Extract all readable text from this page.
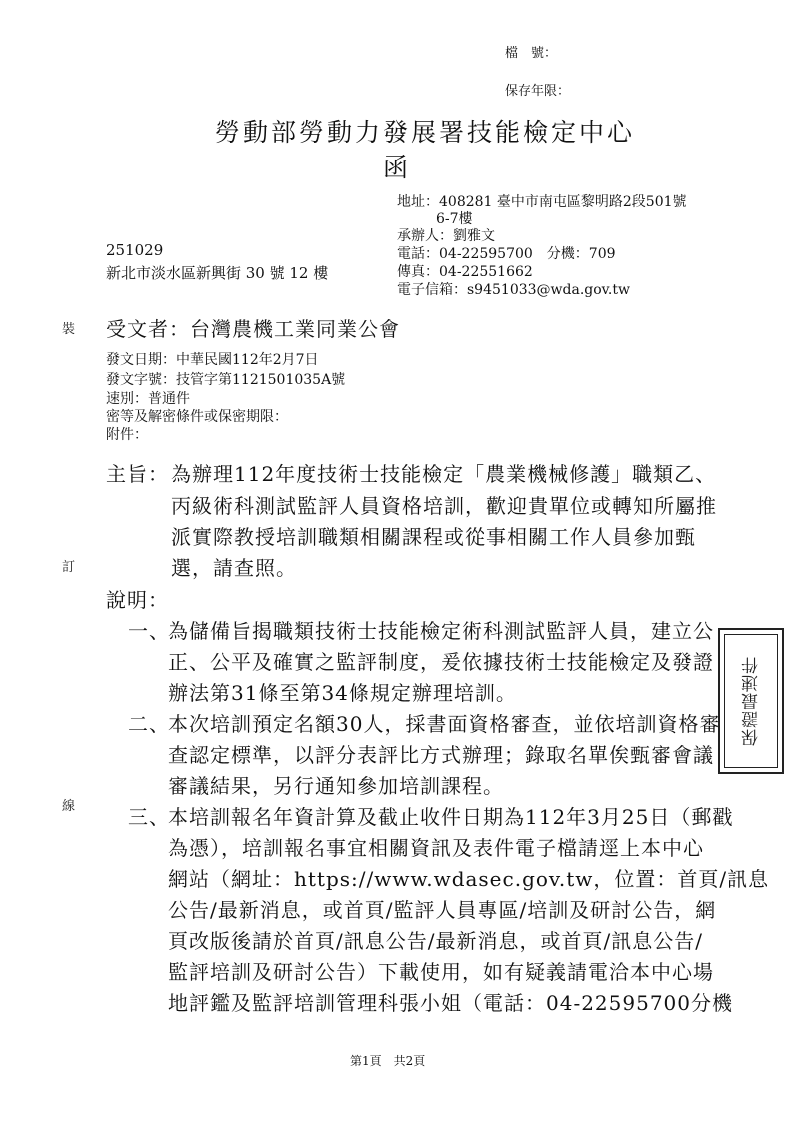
檔　號：
保存年限：
勞動部勞動力發展署技能檢定中心
函
地址：408281 臺中市南屯區黎明路2段501號
6-7樓
承辦人：劉雅文
電話：04-22595700　分機：709
傳真：04-22551662
電子信箱：s9451033@wda.gov.tw
251029
新北市淡水區新興街 30 號 12 樓
裝
訂
線
受文者：台灣農機工業同業公會
發文日期：中華民國112年2月7日
發文字號：技管字第1121501035A號
速別：普通件
密等及解密條件或保密期限：
附件：
主旨： 為辦理112年度技術士技能檢定「農業機械修護」職類乙、
丙級術科測試監評人員資格培訓，歡迎貴單位或轉知所屬推
派實際教授培訓職類相關課程或從事相關工作人員參加甄
選，請查照。
說明：
一、
為儲備旨揭職類技術士技能檢定術科測試監評人員，建立公
正、公平及確實之監評制度，爰依據技術士技能檢定及發證
辦法第31條至第34條規定辦理培訓。
二、
本次培訓預定名額30人，採書面資格審查，並依培訓資格審
查認定標準，以評分表評比方式辦理；錄取名單俟甄審會議
審議結果，另行通知參加培訓課程。
三、
本培訓報名年資計算及截止收件日期為112年3月25日（郵戳
為憑），培訓報名事宜相關資訊及表件電子檔請逕上本中心
網站（網址：https://www.wdasec.gov.tw，位置：首頁/訊息
公告/最新消息，或首頁/監評人員專區/培訓及研討公告，網
頁改版後請於首頁/訊息公告/最新消息，或首頁/訊息公告/
監評培訓及研討公告）下載使用，如有疑義請電洽本中心場
地評鑑及監評培訓管理科張小姐（電話：04-22595700分機
保證最速件
第1頁　共2頁
